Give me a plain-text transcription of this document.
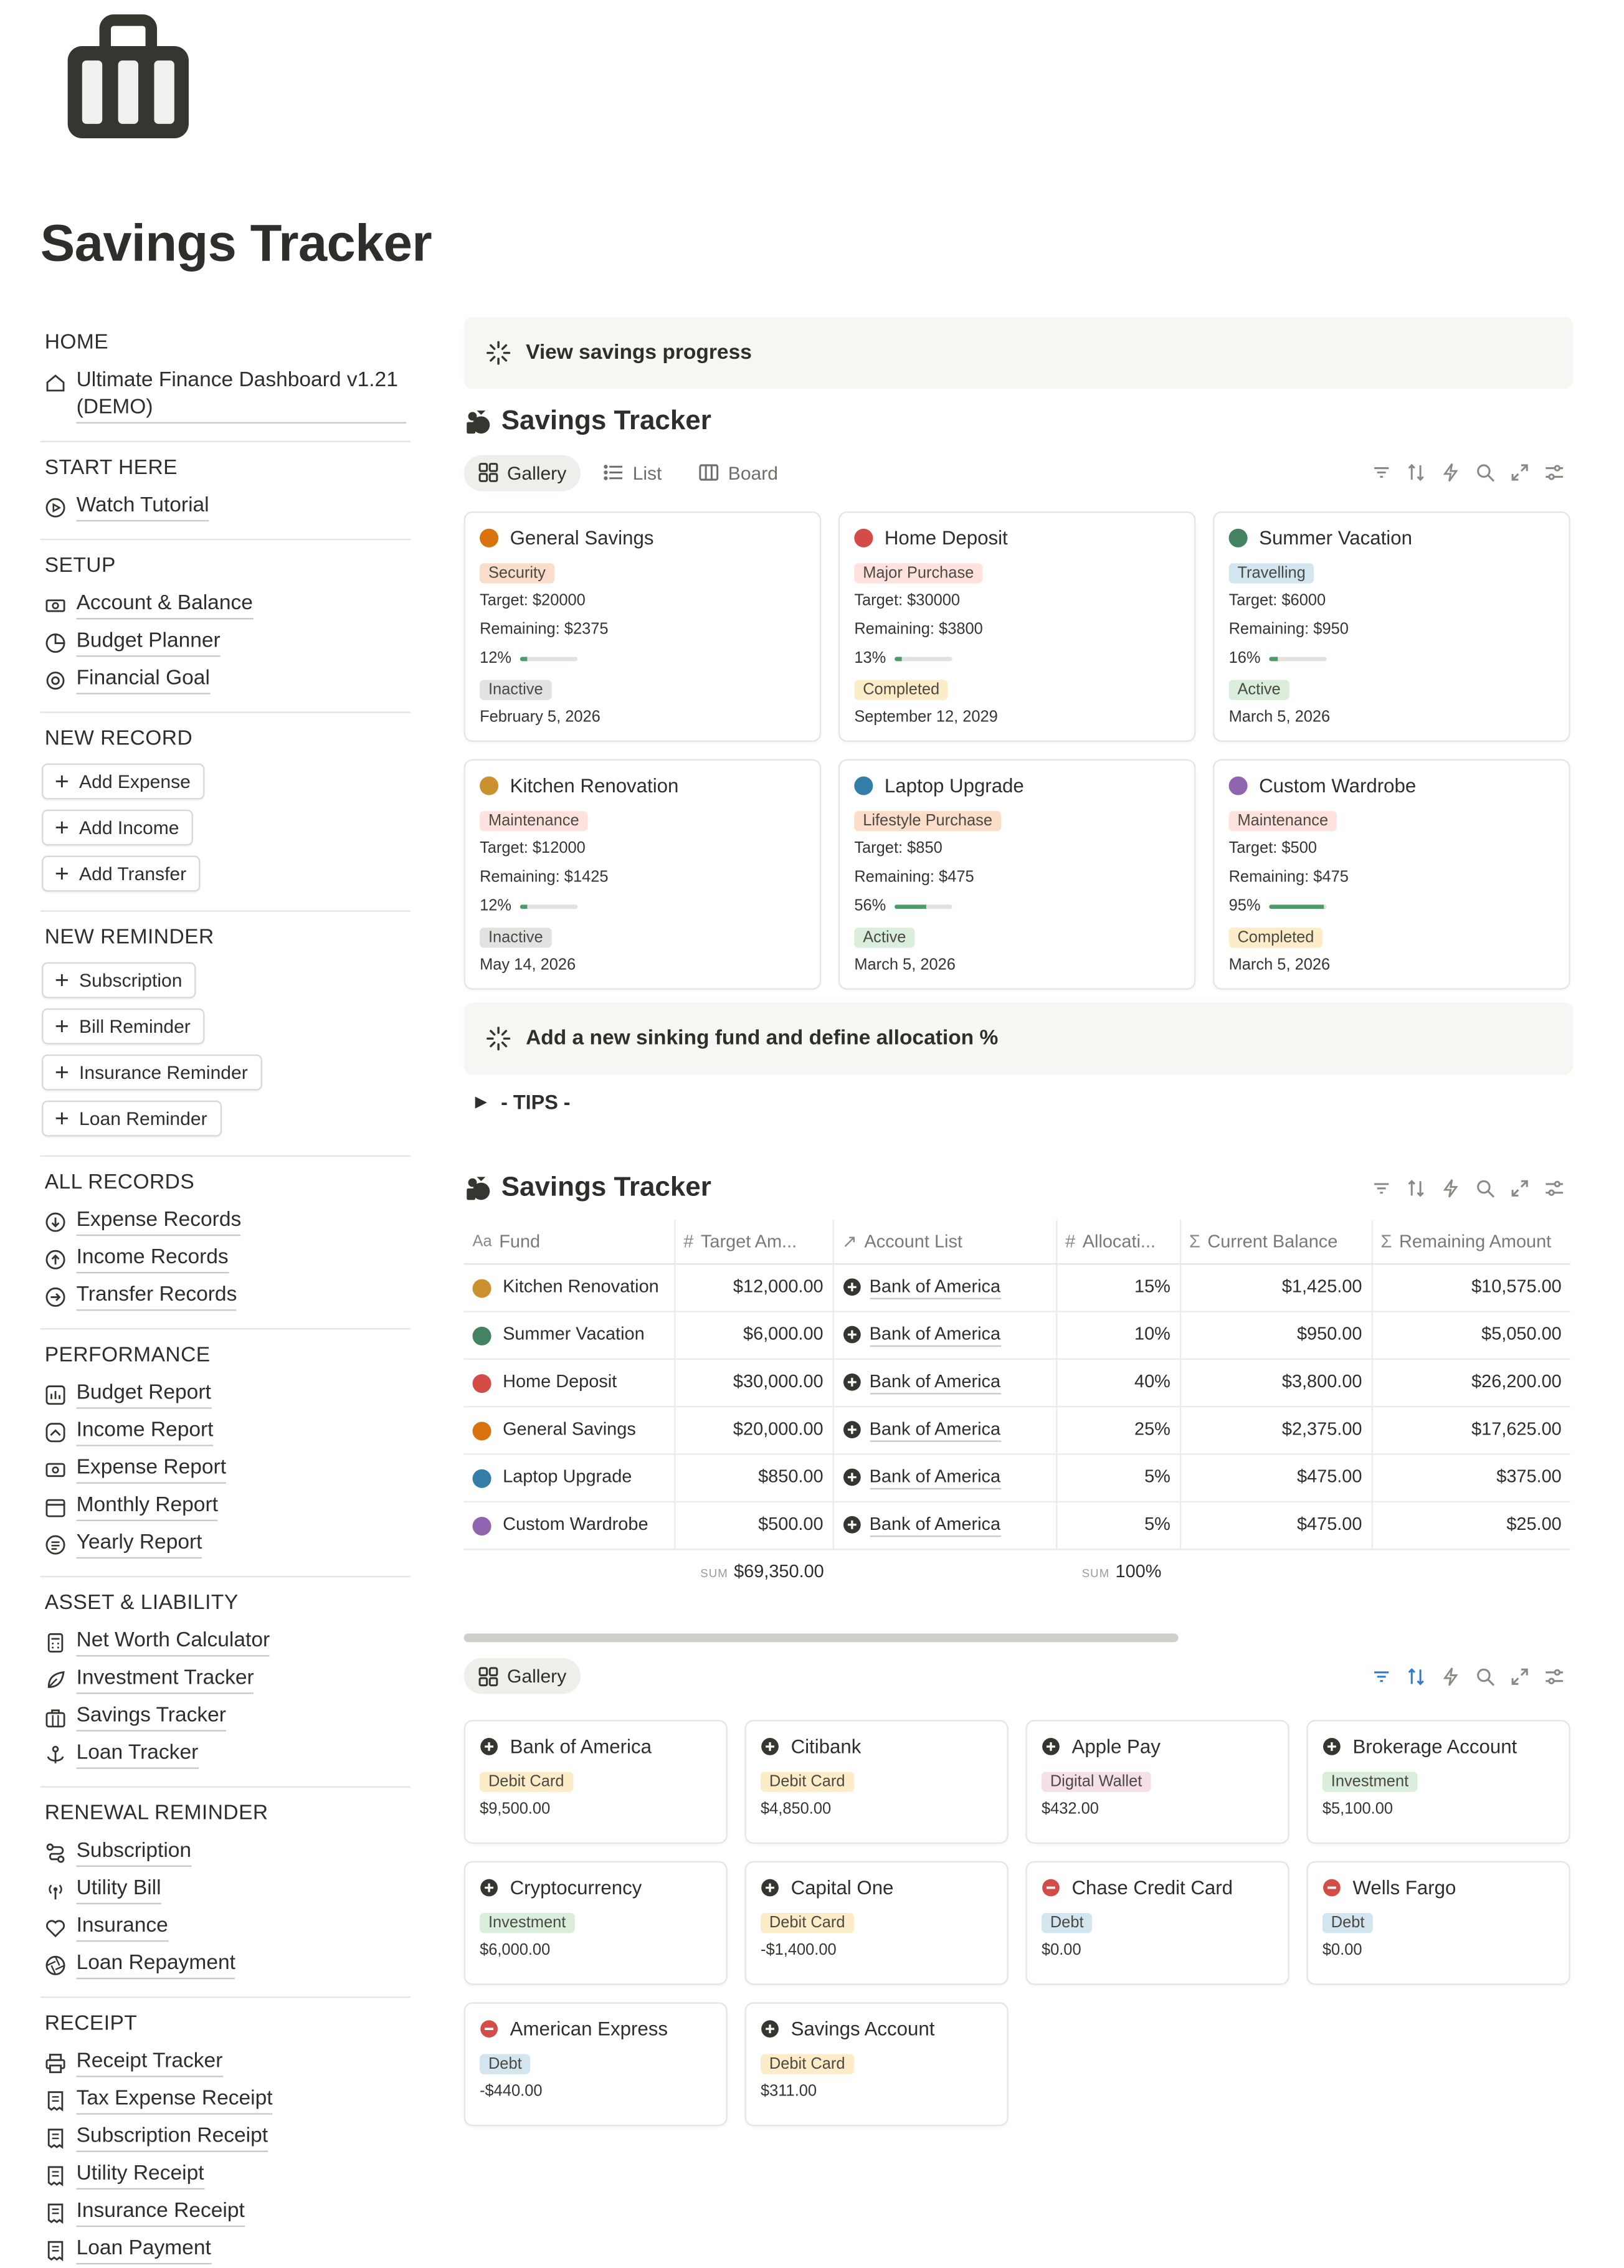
Savings Tracker
HOME
Ultimate Finance Dashboard v1.21 (DEMO)
START HERE
Watch Tutorial
SETUP
Account & Balance
Budget Planner
Financial Goal
NEW RECORD
+ Add Expense
+ Add Income
+ Add Transfer
NEW REMINDER
+ Subscription
+ Bill Reminder
+ Insurance Reminder
+ Loan Reminder
ALL RECORDS
Expense Records
Income Records
Transfer Records
PERFORMANCE
Budget Report
Income Report
Expense Report
Monthly Report
Yearly Report
ASSET & LIABILITY
Net Worth Calculator
Investment Tracker
Savings Tracker
Loan Tracker
RENEWAL REMINDER
Subscription
Utility Bill
Insurance
Loan Repayment
RECEIPT
Receipt Tracker
Tax Expense Receipt
Subscription Receipt
Utility Receipt
Insurance Receipt
Loan Payment
View savings progress
Savings Tracker
Gallery	List	Board
General Savings
Security
Target: $20000
Remaining: $2375
12%
Inactive
February 5, 2026
Home Deposit
Major Purchase
Target: $30000
Remaining: $3800
13%
Completed
September 12, 2029
Summer Vacation
Travelling
Target: $6000
Remaining: $950
16%
Active
March 5, 2026
Kitchen Renovation
Maintenance
Target: $12000
Remaining: $1425
12%
Inactive
May 14, 2026
Laptop Upgrade
Lifestyle Purchase
Target: $850
Remaining: $475
56%
Active
March 5, 2026
Custom Wardrobe
Maintenance
Target: $500
Remaining: $475
95%
Completed
March 5, 2026
Add a new sinking fund and define allocation %
▶ - TIPS -
Savings Tracker
Aa Fund	# Target Am...	↗ Account List	# Allocati...	Σ Current Balance	Σ Remaining Amount

Kitchen Renovation	$12,000.00	Bank of America	15%	$1,425.00	$10,575.00

Summer Vacation	$6,000.00	Bank of America	10%	$950.00	$5,050.00

Home Deposit	$30,000.00	Bank of America	40%	$3,800.00	$26,200.00

General Savings	$20,000.00	Bank of America	25%	$2,375.00	$17,625.00

Laptop Upgrade	$850.00	Bank of America	5%	$475.00	$375.00

Custom Wardrobe	$500.00	Bank of America	5%	$475.00	$25.00
	SUM $69,350.00		SUM 100%		
Gallery
Bank of America
Debit Card
$9,500.00
Citibank
Debit Card
$4,850.00
Apple Pay
Digital Wallet
$432.00
Brokerage Account
Investment
$5,100.00
Cryptocurrency
Investment
$6,000.00
Capital One
Debit Card
-$1,400.00
Chase Credit Card
Debt
$0.00
Wells Fargo
Debt
$0.00
American Express
Debt
-$440.00
Savings Account
Debit Card
$311.00
